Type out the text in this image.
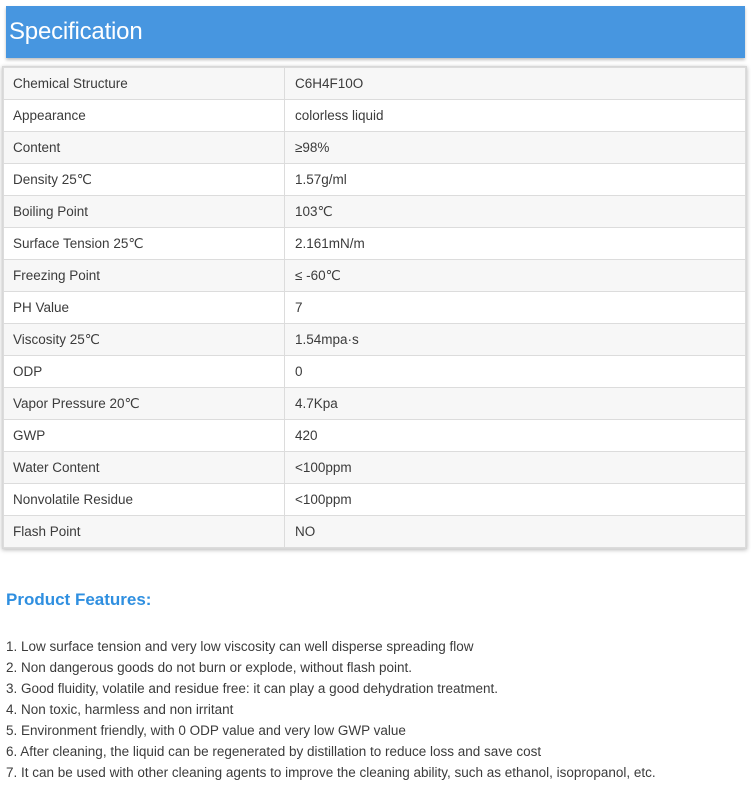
Specification
Chemical Structure	C6H4F10O
Appearance	colorless liquid
Content	≥98%
Density 25℃	1.57g/ml
Boiling Point	103℃
Surface Tension 25℃	2.161mN/m
Freezing Point	≤ -60℃
PH Value	7
Viscosity 25℃	1.54mpa·s
ODP	0
Vapor Pressure 20℃	4.7Kpa
GWP	420
Water Content	<100ppm
Nonvolatile Residue	<100ppm
Flash Point	NO
Product Features:
1. Low surface tension and very low viscosity can well disperse spreading flow
2. Non dangerous goods do not burn or explode, without flash point.
3. Good fluidity, volatile and residue free: it can play a good dehydration treatment.
4. Non toxic, harmless and non irritant
5. Environment friendly, with 0 ODP value and very low GWP value
6. After cleaning, the liquid can be regenerated by distillation to reduce loss and save cost
7. It can be used with other cleaning agents to improve the cleaning ability, such as ethanol, isopropanol, etc.
